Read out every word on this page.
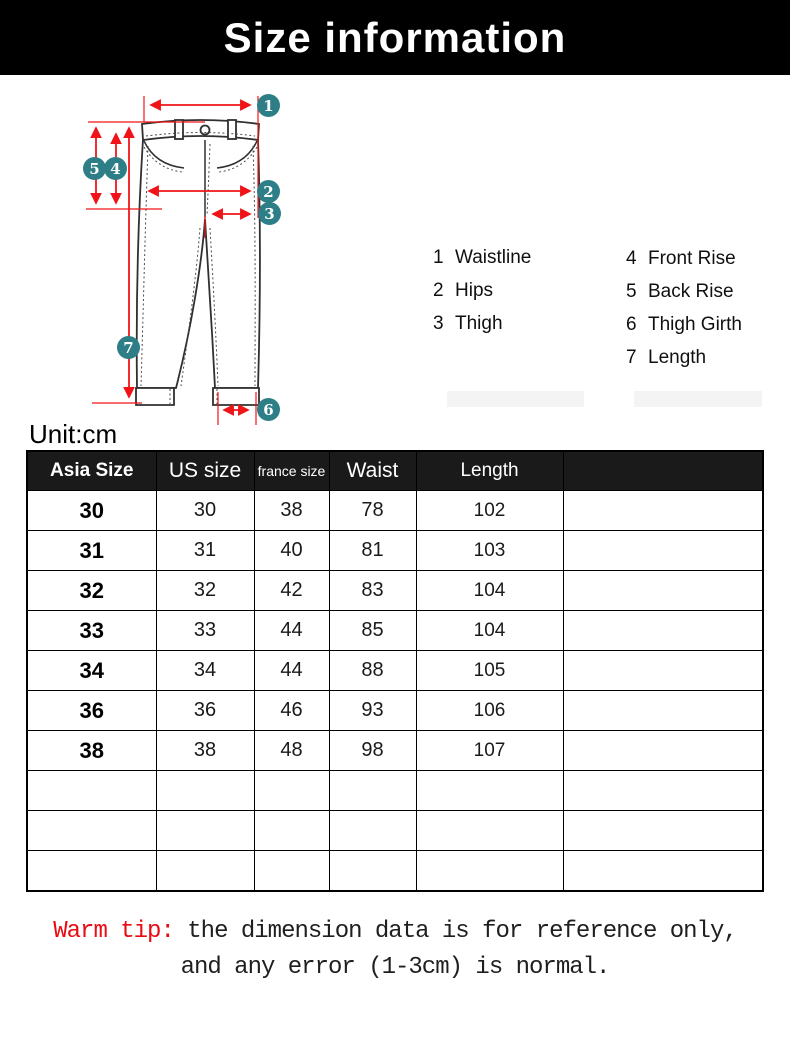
Size information
1
2
3
4
5
6
7
1 Waistline
2 Hips
3 Thigh
4 Front Rise
5 Back Rise
6 Thigh Girth
7 Length
Unit:cm
Asia Size	US size	france size	Waist	Length	
30	30	38	78	102	
31	31	40	81	103	
32	32	42	83	104	
33	33	44	85	104	
34	34	44	88	105	
36	36	46	93	106	
38	38	48	98	107	

Warm tip: the dimension data is for reference only,
and any error (1-3cm) is normal.
